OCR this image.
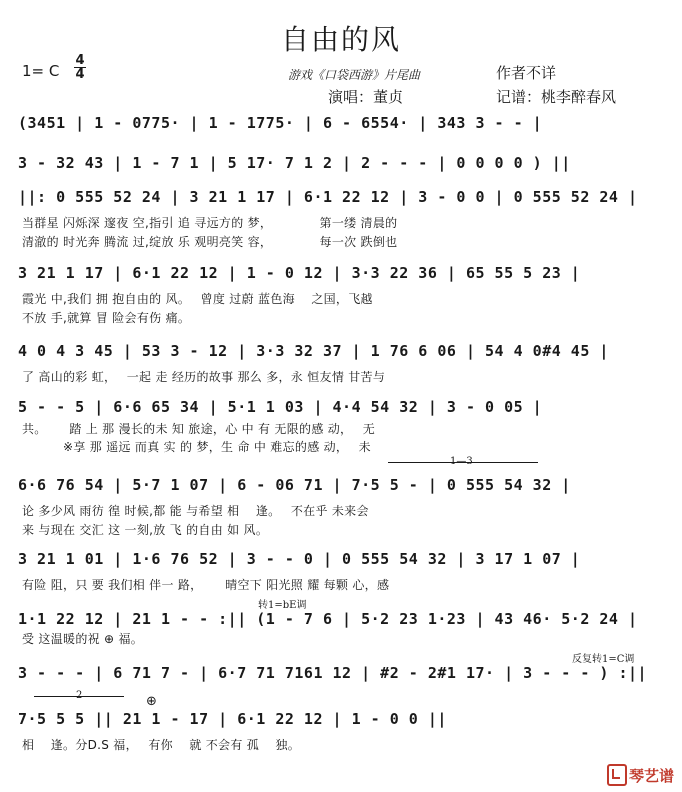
自由的风
1= C
4
4	游戏《口袋西游》片尾曲	作者不详
演唱：董贞	记谱：桃李醉春风
(3451 | 1 - 0775· | 1 - 1775· | 6 - 6554· | 343 3 - - |
3 - 32 43 | 1 - 7 1 | 5 17· 7 1 2 | 2 - - - | 0 0 0 0 ) ||
||: 0 555 52 24 | 3 21 1 17 | 6·1 22 12 | 3 - 0 0 | 0 555 52 24 |
当群星 闪烁深 邃夜 空,指引 追 寻远方的 梦，　　　　 第一缕 清晨的
清澈的 时光奔 腾流 过,绽放 乐 观明亮笑 容，　　　　 每一次 跌倒也
3 21 1 17 | 6·1 22 12 | 1 - 0 12 | 3·3 22 36 | 65 55 5 23 |
霞光 中,我们 拥 抱自由的 风。　 曾度 过蔚 蓝色海　 之国，飞越
不放 手,就算 冒 险会有伤 痛。
4 0 4 3 45 | 53 3 - 12 | 3·3 32 37 | 1 76 6 06 | 54 4 0#4 45 |
了 高山的彩 虹，　 一起 走 经历的故事 那么 多，永 恒友情 甘苦与
5 - - 5 | 6·6 65 34 | 5·1 1 03 | 4·4 54 32 | 3 - 0 05 |
共。　　 踏 上 那 漫长的未 知 旅途，心 中 有 无限的感 动，　 无
　　　 ※享 那 遥远 而真 实 的 梦，生 命 中 难忘的感 动，　 未
1—3
6·6 76 54 | 5·7 1 07 | 6 - 06 71 | 7·5 5 - | 0 555 54 32 |
论 多少风 雨彷 徨 时候,都 能 与希望 相　 逢。　 不在乎 未来会
来 与现在 交汇 这 一刻,放 飞 的自由 如 风。
3 21 1 01 | 1·6 76 52 | 3 - - 0 | 0 555 54 32 | 3 17 1 07 |
有险 阻，只 要 我们相 伴一 路，　　 晴空下 阳光照 耀 每颗 心，感
转1=bE调
1·1 22 12 | 21 1 - - :|| (1 - 7 6 | 5·2 23 1·23 | 43 46· 5·2 24 |
受 这温暖的祝 ⊕ 福。
反复转1=C调
3 - - - | 6 71 7 - | 6·7 71 7161 12 | #2 - 2#1 17· | 3 - - - ) :||
2	⊕
7·5 5 5 || 21 1 - 17 | 6·1 22 12 | 1 - 0 0 ||
相　 逢。分D.S 福，　 有你　 就 不会有 孤　 独。
琴艺谱
